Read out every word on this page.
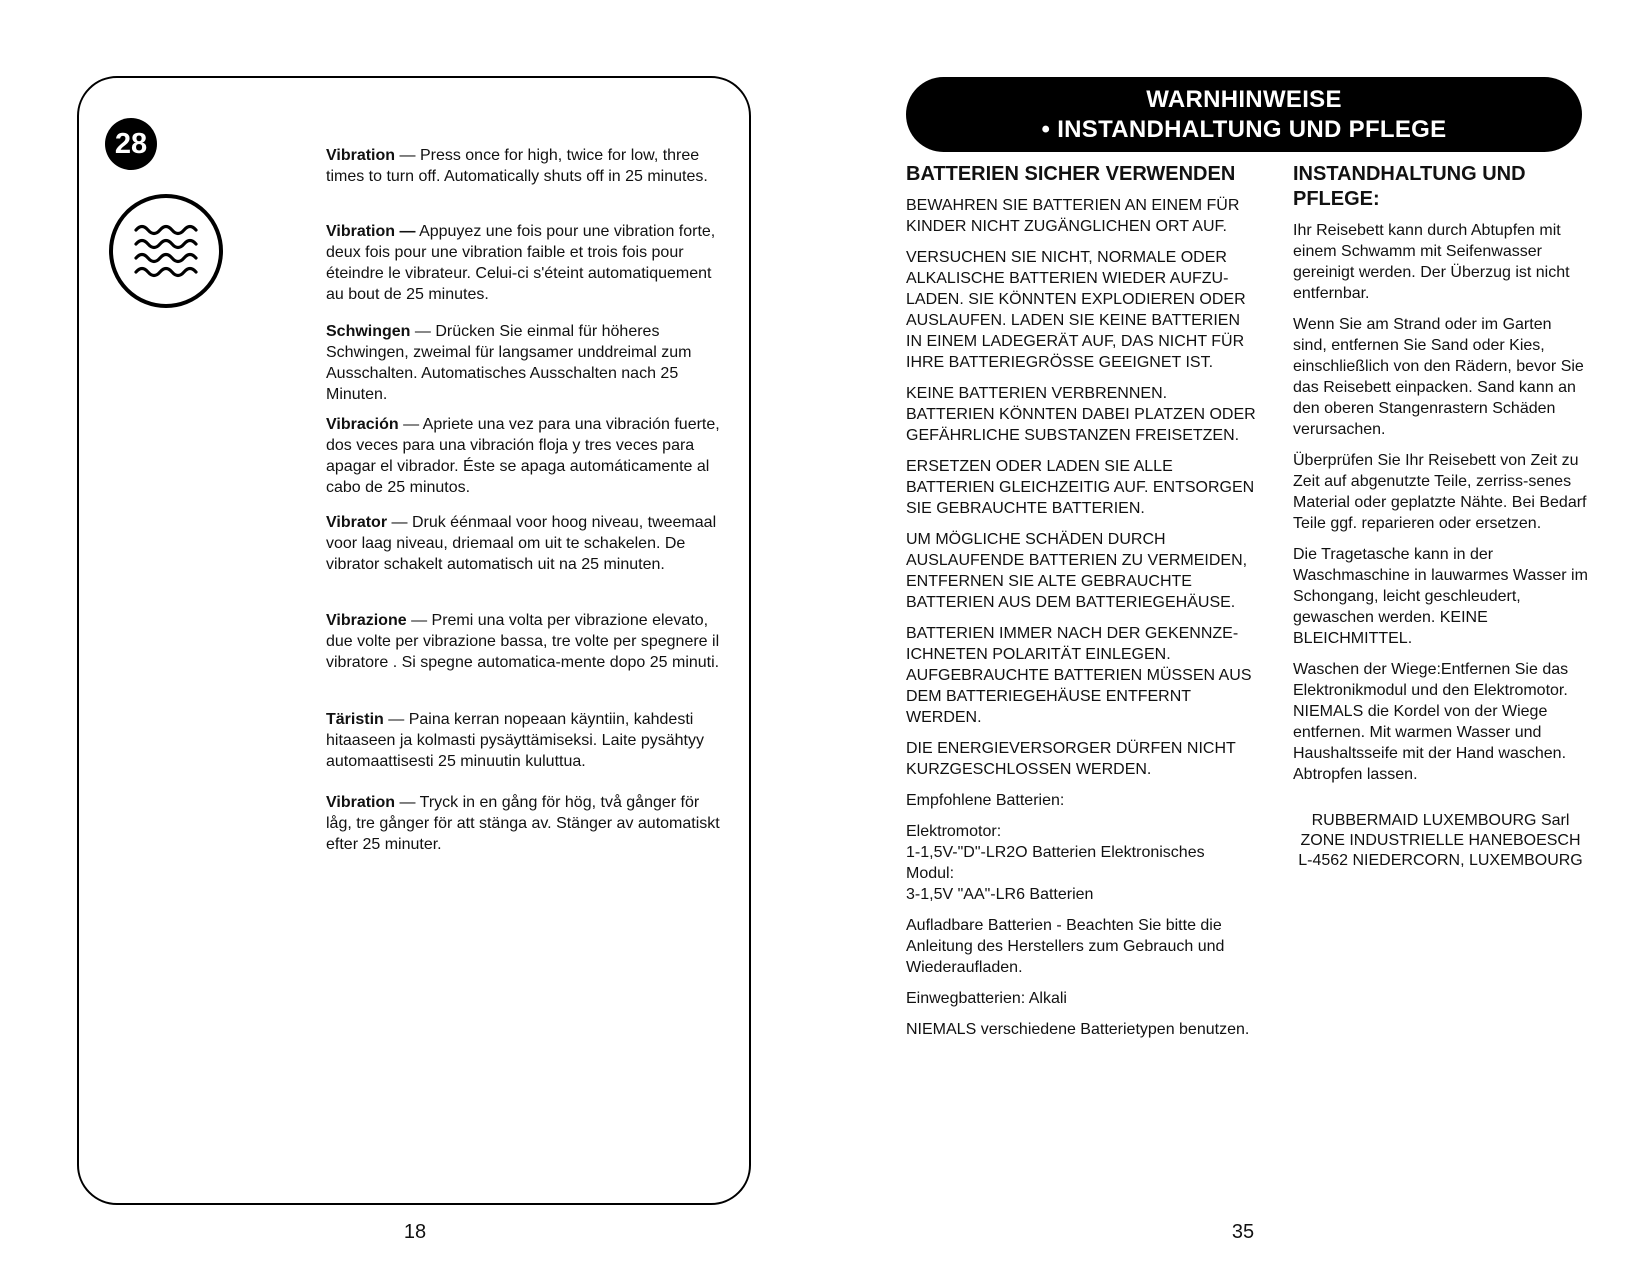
28	Vibration — Press once for high, twice for low, three times to turn off. Automatically shuts off in 25 minutes.

Vibration — Appuyez une fois pour une vibration forte, deux fois pour une vibration faible et trois fois pour éteindre le vibrateur. Celui-ci s'éteint automatiquement au bout de 25 minutes.

Schwingen — Drücken Sie einmal für höheres Schwingen, zweimal für langsamer unddreimal zum Ausschalten. Automatisches Ausschalten nach 25 Minuten.

Vibración — Apriete una vez para una vibración fuerte, dos veces para una vibración floja y tres veces para apagar el vibrador. Éste se apaga automáticamente al cabo de 25 minutos.

Vibrator — Druk éénmaal voor hoog niveau, tweemaal voor laag niveau, driemaal om uit te schakelen. De vibrator schakelt automatisch uit na 25 minuten.

Vibrazione — Premi una volta per vibrazione elevato, due volte per vibrazione bassa, tre volte per spegnere il vibratore . Si spegne automatica-mente dopo 25 minuti.

Täristin — Paina kerran nopeaan käyntiin, kahdesti hitaaseen ja kolmasti pysäyttämiseksi. Laite pysähtyy automaattisesti 25 minuutin kuluttua.

Vibration — Tryck in en gång för hög, två gånger för låg, tre gånger för att stänga av. Stänger av automatiskt efter 25 minuter.

18
WARNHINWEISE
• INSTANDHALTUNG UND PFLEGE
BATTERIEN SICHER VERWENDEN

BEWAHREN SIE BATTERIEN AN EINEM FÜR KINDER NICHT ZUGÄNGLICHEN ORT AUF.

VERSUCHEN SIE NICHT, NORMALE ODER ALKALISCHE BATTERIEN WIEDER AUFZU-LADEN. SIE KÖNNTEN EXPLODIEREN ODER AUSLAUFEN. LADEN SIE KEINE BATTERIEN IN EINEM LADEGERÄT AUF, DAS NICHT FÜR IHRE BATTERIEGRÖSSE GEEIGNET IST.

KEINE BATTERIEN VERBRENNEN. BATTERIEN KÖNNTEN DABEI PLATZEN ODER GEFÄHRLICHE SUBSTANZEN FREISETZEN.

ERSETZEN ODER LADEN SIE ALLE BATTERIEN GLEICHZEITIG AUF. ENTSORGEN SIE GEBRAUCHTE BATTERIEN.

UM MÖGLICHE SCHÄDEN DURCH AUSLAUFENDE BATTERIEN ZU VERMEIDEN, ENTFERNEN SIE ALTE GEBRAUCHTE BATTERIEN AUS DEM BATTERIEGEHÄUSE.

BATTERIEN IMMER NACH DER GEKENNZE-ICHNETEN POLARITÄT EINLEGEN. AUFGEBRAUCHTE BATTERIEN MÜSSEN AUS DEM BATTERIEGEHÄUSE ENTFERNT WERDEN.

DIE ENERGIEVERSORGER DÜRFEN NICHT KURZGESCHLOSSEN WERDEN.

Empfohlene Batterien:

Elektromotor:
1-1,5V-"D"-LR2O Batterien Elektronisches Modul:
3-1,5V "AA"-LR6 Batterien

Aufladbare Batterien - Beachten Sie bitte die Anleitung des Herstellers zum Gebrauch und Wiederaufladen.

Einwegbatterien: Alkali

NIEMALS verschiedene Batterietypen benutzen.

INSTANDHALTUNG UND PFLEGE:

Ihr Reisebett kann durch Abtupfen mit einem Schwamm mit Seifenwasser gereinigt werden. Der Überzug ist nicht entfernbar.

Wenn Sie am Strand oder im Garten sind, entfernen Sie Sand oder Kies, einschließlich von den Rädern, bevor Sie das Reisebett einpacken. Sand kann an den oberen Stangenrastern Schäden verursachen.

Überprüfen Sie Ihr Reisebett von Zeit zu Zeit auf abgenutzte Teile, zerriss-senes Material oder geplatzte Nähte. Bei Bedarf Teile ggf. reparieren oder ersetzen.

Die Tragetasche kann in der Waschmaschine in lauwarmes Wasser im Schongang, leicht geschleudert, gewaschen werden. KEINE BLEICHMITTEL.

Waschen der Wiege:Entfernen Sie das Elektronikmodul und den Elektromotor. NIEMALS die Kordel von der Wiege entfernen. Mit warmen Wasser und Haushaltsseife mit der Hand waschen. Abtropfen lassen.

RUBBERMAID LUXEMBOURG Sarl
ZONE INDUSTRIELLE HANEBOESCH
L-4562 NIEDERCORN, LUXEMBOURG
35
